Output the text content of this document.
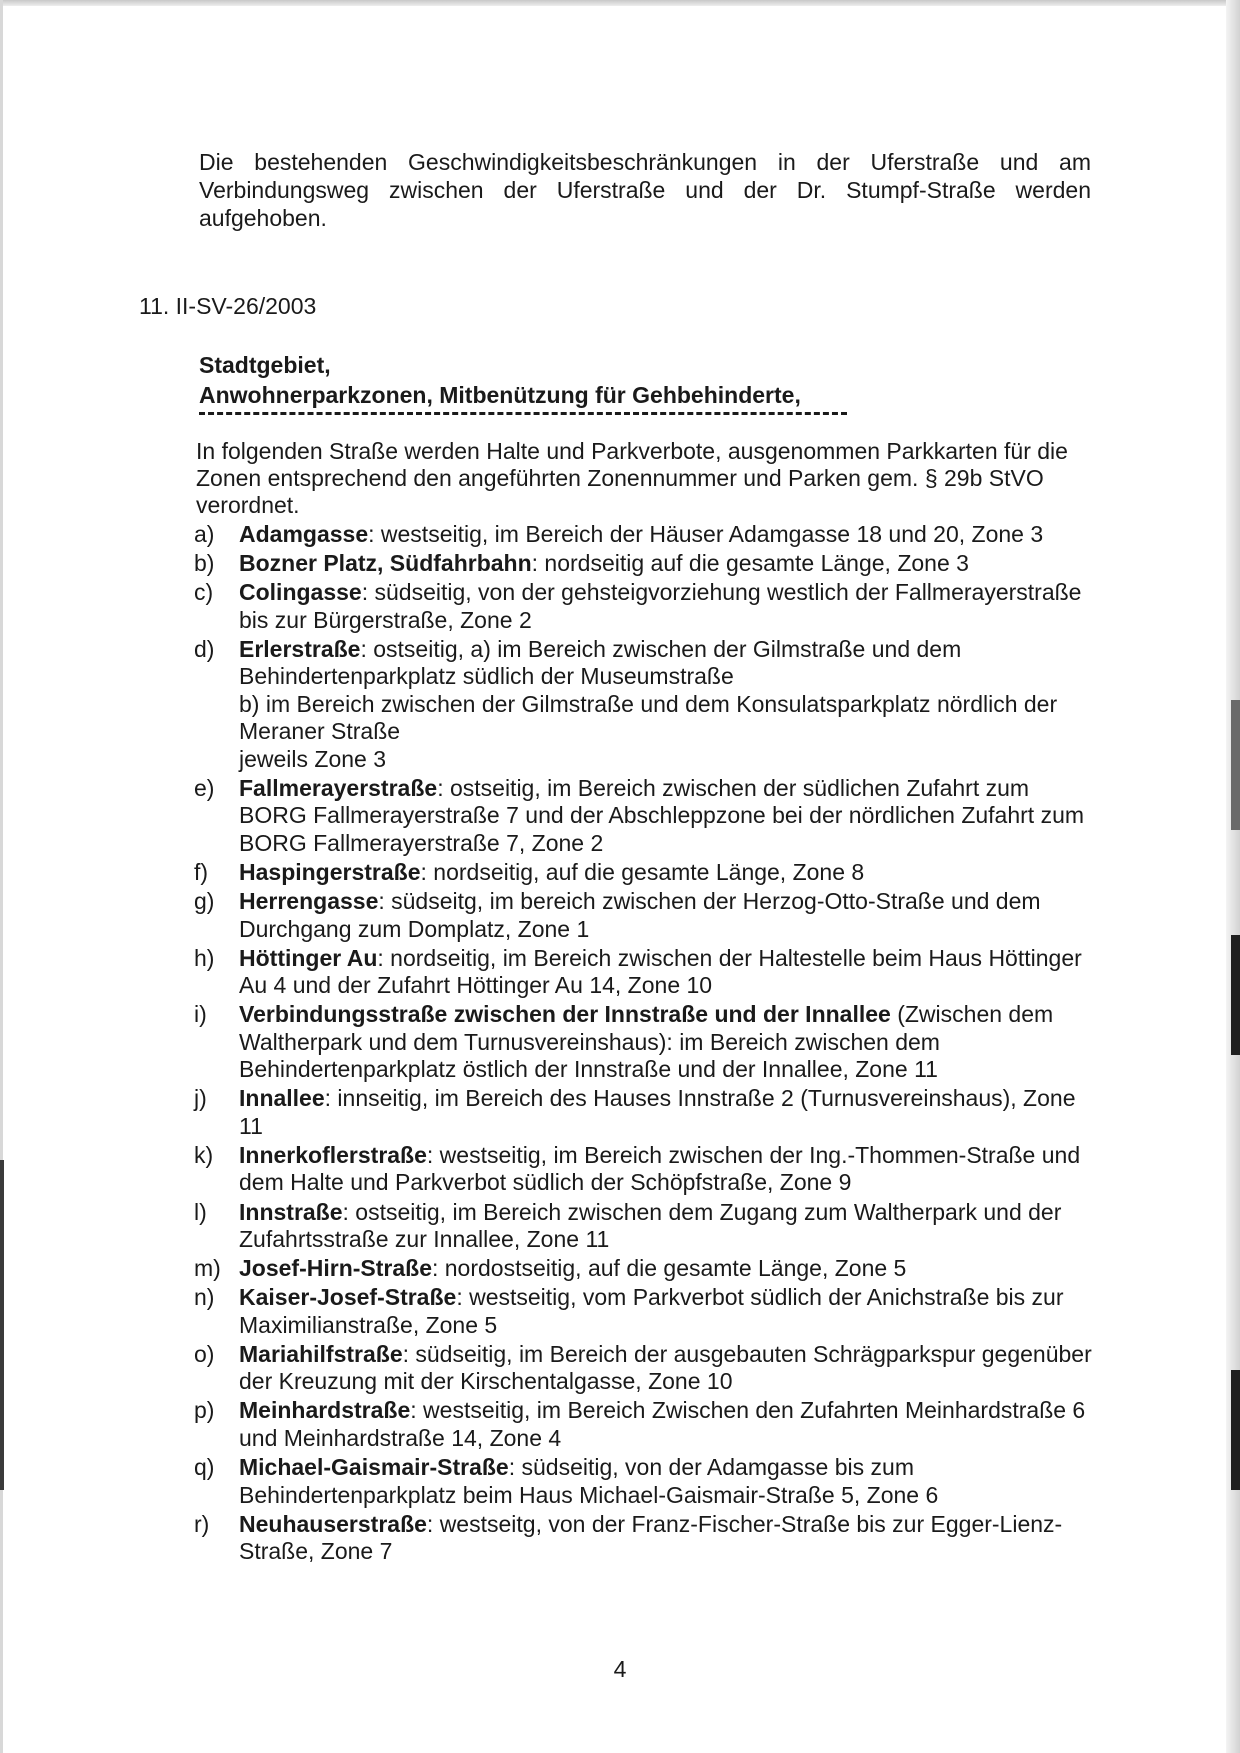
Die bestehenden Geschwindigkeitsbeschränkungen in der Uferstraße und am Verbindungsweg zwischen der Uferstraße und der Dr. Stumpf-Straße werden aufgehoben.

11. II-SV-26/2003
Stadtgebiet,
Anwohnerparkzonen, Mitbenützung für Gehbehinderte,

In folgenden Straße werden Halte und Parkverbote, ausgenommen Parkkarten für die Zonen entsprechend den angeführten Zonennummer und Parken gem. § 29b StVO verordnet.

a)	Adamgasse: westseitig, im Bereich der Häuser Adamgasse 18 und 20, Zone 3
b)	Bozner Platz, Südfahrbahn: nordseitig auf die gesamte Länge, Zone 3
c)	Colingasse: südseitig, von der gehsteigvorziehung westlich der Fallmerayerstraße bis zur Bürgerstraße, Zone 2
d)	Erlerstraße: ostseitig, a) im Bereich zwischen der Gilmstraße und dem Behindertenparkplatz südlich der Museumstraße
b) im Bereich zwischen der Gilmstraße und dem Konsulatsparkplatz nördlich der Meraner Straße
jeweils Zone 3
e)	Fallmerayerstraße: ostseitig, im Bereich zwischen der südlichen Zufahrt zum BORG Fallmerayerstraße 7 und der Abschleppzone bei der nördlichen Zufahrt zum BORG Fallmerayerstraße 7, Zone 2
f)	Haspingerstraße: nordseitig, auf die gesamte Länge, Zone 8
g)	Herrengasse: südseitg, im bereich zwischen der Herzog-Otto-Straße und dem Durchgang zum Domplatz, Zone 1
h)	Höttinger Au: nordseitig, im Bereich zwischen der Haltestelle beim Haus Höttinger Au 4 und der Zufahrt Höttinger Au 14, Zone 10
i)	Verbindungsstraße zwischen der Innstraße und der Innallee (Zwischen dem Waltherpark und dem Turnusvereinshaus): im Bereich zwischen dem Behindertenparkplatz östlich der Innstraße und der Innallee, Zone 11
j)	Innallee: innseitig, im Bereich des Hauses Innstraße 2 (Turnusvereinshaus), Zone 11
k)	Innerkoflerstraße: westseitig, im Bereich zwischen der Ing.-Thommen-Straße und dem Halte und Parkverbot südlich der Schöpfstraße, Zone 9
l)	Innstraße: ostseitig, im Bereich zwischen dem Zugang zum Waltherpark und der Zufahrtsstraße zur Innallee, Zone 11
m) Josef-Hirn-Straße: nordostseitig, auf die gesamte Länge, Zone 5
n)	Kaiser-Josef-Straße: westseitig, vom Parkverbot südlich der Anichstraße bis zur Maximilianstraße, Zone 5
o)	Mariahilfstraße: südseitig, im Bereich der ausgebauten Schrägparkspur gegenüber der Kreuzung mit der Kirschentalgasse, Zone 10
p)	Meinhardstraße: westseitig, im Bereich Zwischen den Zufahrten Meinhardstraße 6 und Meinhardstraße 14, Zone 4
q)	Michael-Gaismair-Straße: südseitig, von der Adamgasse bis zum Behindertenparkplatz beim Haus Michael-Gaismair-Straße 5, Zone 6
r)	Neuhauserstraße: westseitg, von der Franz-Fischer-Straße bis zur Egger-Lienz-Straße, Zone 7
4
